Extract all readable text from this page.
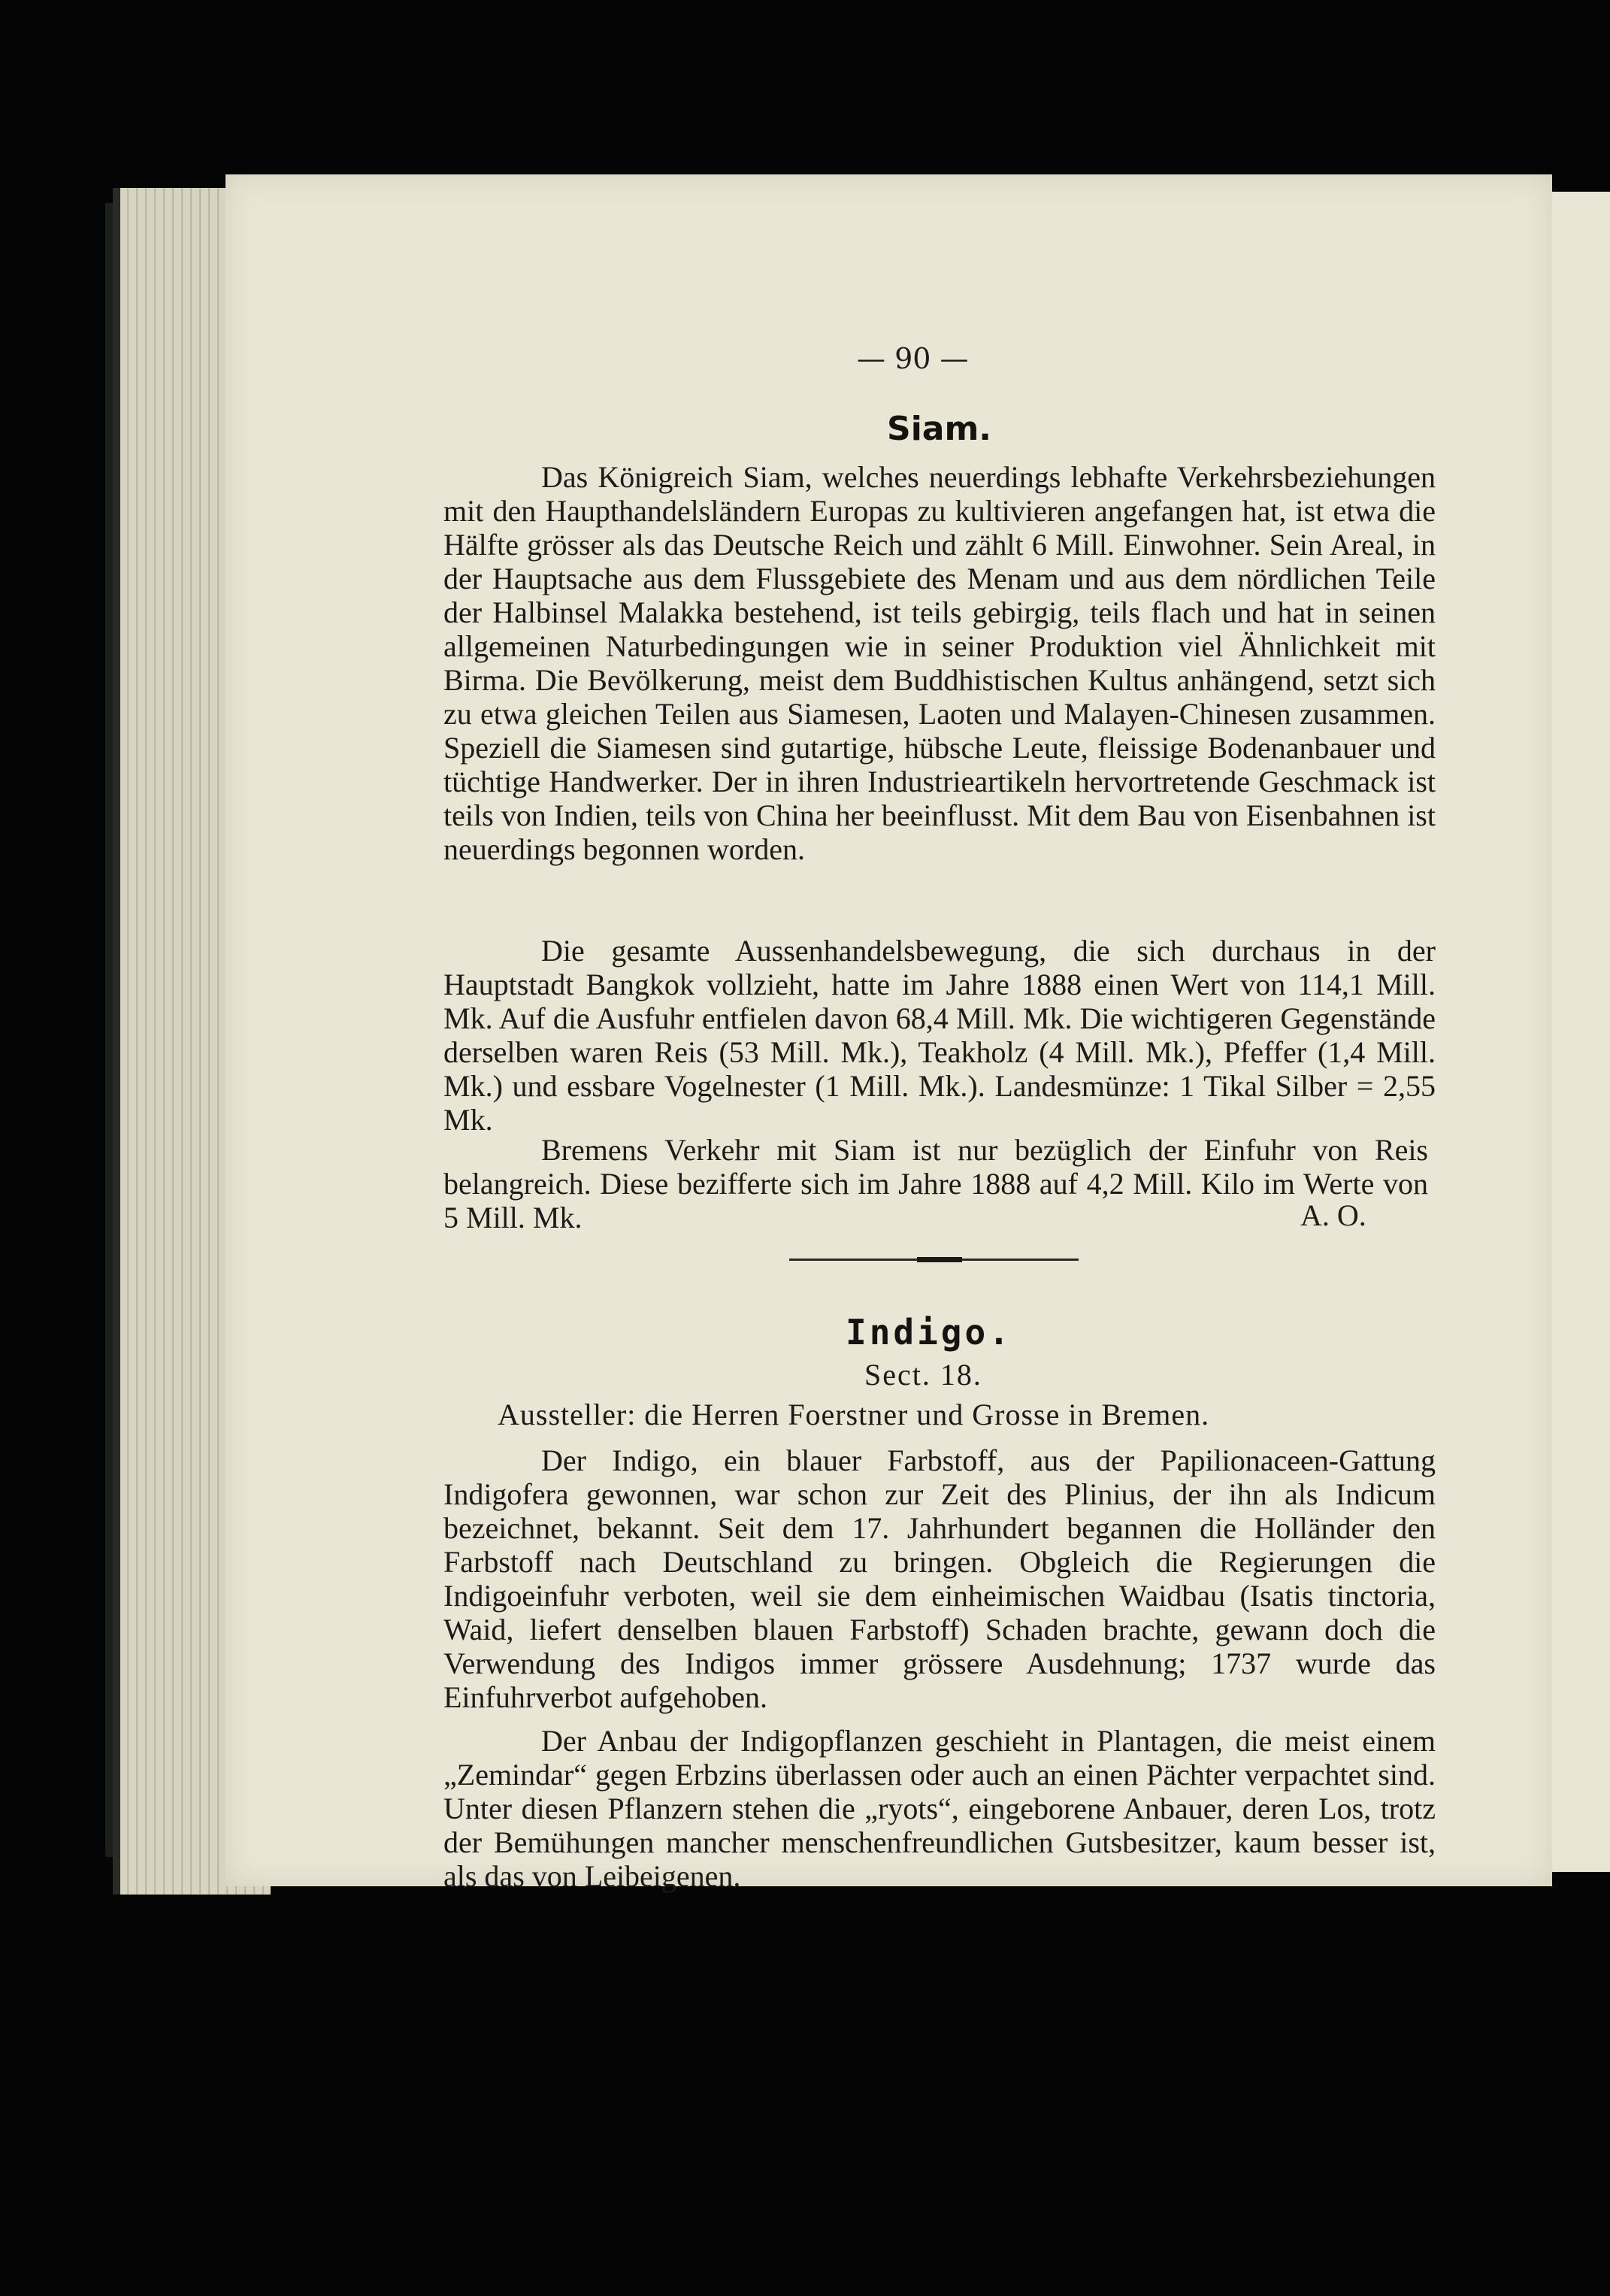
— 90 —
Siam.
Das Königreich Siam, welches neuerdings lebhafte Verkehrsbeziehungen mit den Haupthandelsländern Europas zu kultivieren angefangen hat, ist etwa die Hälfte grösser als das Deutsche Reich und zählt 6 Mill. Einwohner. Sein Areal, in der Hauptsache aus dem Flussgebiete des Menam und aus dem nördlichen Teile der Halbinsel Malakka bestehend, ist teils gebirgig, teils flach und hat in seinen allgemeinen Naturbedingungen wie in seiner Produktion viel Ähnlichkeit mit Birma. Die Bevölkerung, meist dem Buddhistischen Kultus anhängend, setzt sich zu etwa gleichen Teilen aus Siamesen, Laoten und Malayen-Chinesen zusammen. Speziell die Siamesen sind gutartige, hübsche Leute, fleissige Bodenanbauer und tüchtige Handwerker. Der in ihren Industrieartikeln hervortretende Geschmack ist teils von Indien, teils von China her beeinflusst. Mit dem Bau von Eisenbahnen ist neuerdings begonnen worden.
Die gesamte Aussenhandelsbewegung, die sich durchaus in der Hauptstadt Bangkok vollzieht, hatte im Jahre 1888 einen Wert von 114,1 Mill. Mk. Auf die Ausfuhr entfielen davon 68,4 Mill. Mk. Die wichtigeren Gegenstände derselben waren Reis (53 Mill. Mk.), Teakholz (4 Mill. Mk.), Pfeffer (1,4 Mill. Mk.) und essbare Vogelnester (1 Mill. Mk.). Landesmünze: 1 Tikal Silber = 2,55 Mk.
Bremens Verkehr mit Siam ist nur bezüglich der Einfuhr von Reis belangreich. Diese bezifferte sich im Jahre 1888 auf 4,2 Mill. Kilo im Werte von 5 Mill. Mk.	A. O.
Indigo.
Sect. 18.
Aussteller: die Herren Foerstner und Grosse in Bremen.
Der Indigo, ein blauer Farbstoff, aus der Papilionaceen-Gattung Indigofera gewonnen, war schon zur Zeit des Plinius, der ihn als Indicum bezeichnet, bekannt. Seit dem 17. Jahrhundert begannen die Holländer den Farbstoff nach Deutschland zu bringen. Obgleich die Regierungen die Indigoeinfuhr verboten, weil sie dem einheimischen Waidbau (Isatis tinctoria, Waid, liefert denselben blauen Farbstoff) Schaden brachte, gewann doch die Verwendung des Indigos immer grössere Ausdehnung; 1737 wurde das Einfuhrverbot aufgehoben.
Der Anbau der Indigopflanzen geschieht in Plantagen, die meist einem „Zemindar“ gegen Erbzins überlassen oder auch an einen Pächter verpachtet sind. Unter diesen Pflanzern stehen die „ryots“, eingeborene Anbauer, deren Los, trotz der Bemühungen mancher menschenfreundlichen Gutsbesitzer, kaum besser ist, als das von Leibeigenen.
